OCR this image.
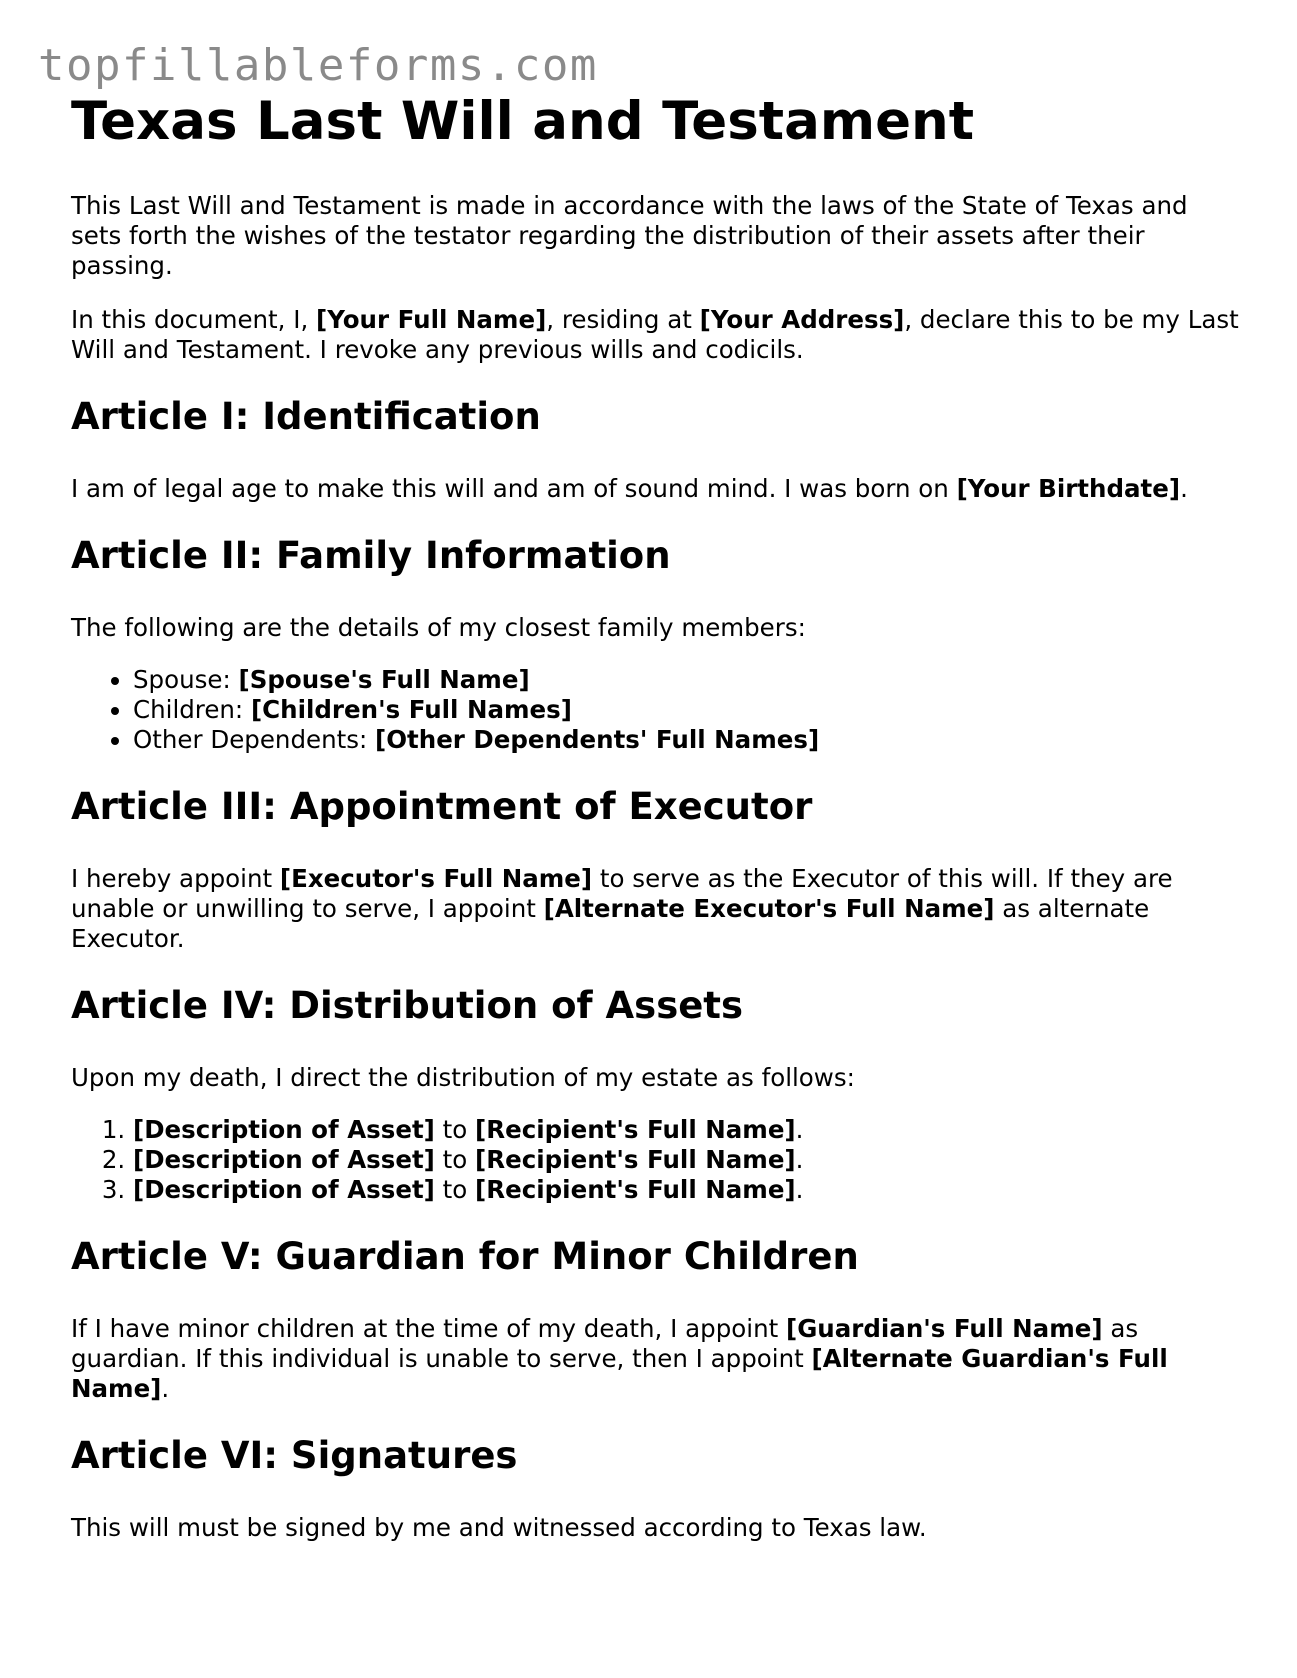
topfillableforms.com
Texas Last Will and Testament

This Last Will and Testament is made in accordance with the laws of the State of Texas and sets forth the wishes of the testator regarding the distribution of their assets after their passing.

In this document, I, [Your Full Name], residing at [Your Address], declare this to be my Last Will and Testament. I revoke any previous wills and codicils.

Article I: Identification

I am of legal age to make this will and am of sound mind. I was born on [Your Birthdate].

Article II: Family Information

The following are the details of my closest family members:

• Spouse: [Spouse's Full Name]
• Children: [Children's Full Names]
• Other Dependents: [Other Dependents' Full Names]
Article III: Appointment of Executor

I hereby appoint [Executor's Full Name] to serve as the Executor of this will. If they are unable or unwilling to serve, I appoint [Alternate Executor's Full Name] as alternate Executor.

Article IV: Distribution of Assets

Upon my death, I direct the distribution of my estate as follows:

1. [Description of Asset] to [Recipient's Full Name].
2. [Description of Asset] to [Recipient's Full Name].
3. [Description of Asset] to [Recipient's Full Name].
Article V: Guardian for Minor Children

If I have minor children at the time of my death, I appoint [Guardian's Full Name] as guardian. If this individual is unable to serve, then I appoint [Alternate Guardian's Full Name].

Article VI: Signatures

This will must be signed by me and witnessed according to Texas law.
